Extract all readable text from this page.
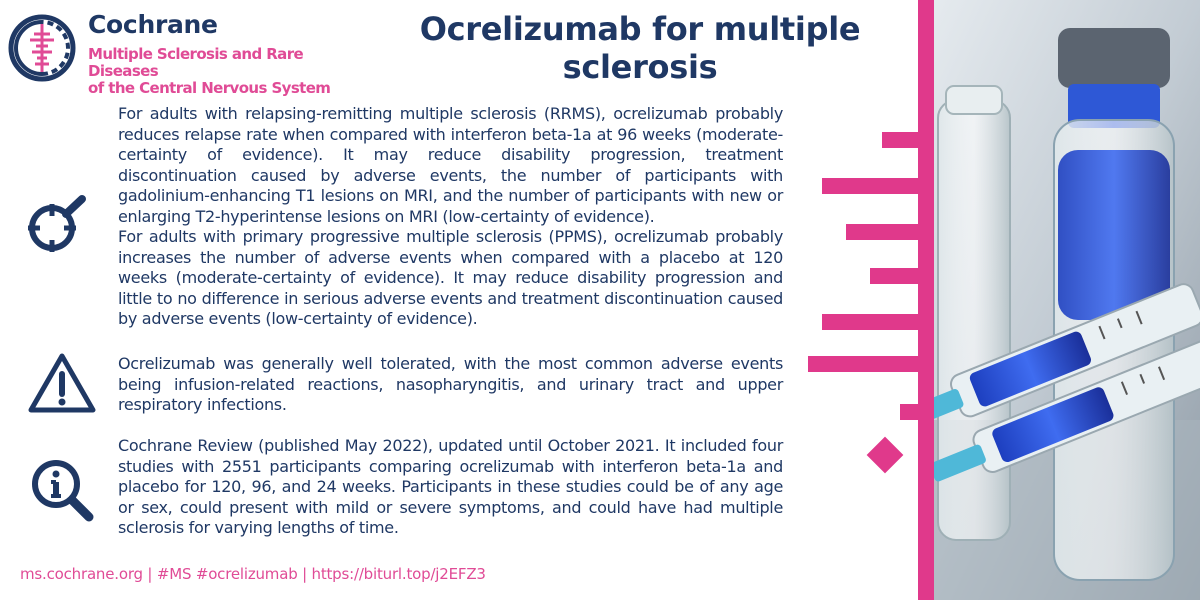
Cochrane
Multiple Sclerosis and Rare Diseases
of the Central Nervous System
Ocrelizumab for multiple sclerosis

For adults with relapsing-remitting multiple sclerosis (RRMS), ocrelizumab probably reduces relapse rate when compared with interferon beta-1a at 96 weeks (moderate-certainty of evidence). It may reduce disability progression, treatment discontinuation caused by adverse events, the number of participants with gadolinium-enhancing T1 lesions on MRI, and the number of participants with new or enlarging T2-hyperintense lesions on MRI (low-certainty of evidence).

For adults with primary progressive multiple sclerosis (PPMS), ocrelizumab probably increases the number of adverse events when compared with a placebo at 120 weeks (moderate-certainty of evidence). It may reduce disability progression and little to no difference in serious adverse events and treatment discontinuation caused by adverse events (low-certainty of evidence).

Ocrelizumab was generally well tolerated, with the most common adverse events being infusion-related reactions, nasopharyngitis, and urinary tract and upper respiratory infections.

Cochrane Review (published May 2022), updated until October 2021. It included four studies with 2551 participants comparing ocrelizumab with interferon beta-1a and placebo for 120, 96, and 24 weeks. Participants in these studies could be of any age or sex, could present with mild or severe symptoms, and could have had multiple sclerosis for varying lengths of time.

ms.cochrane.org | #MS #ocrelizumab | https://biturl.top/j2EFZ3
